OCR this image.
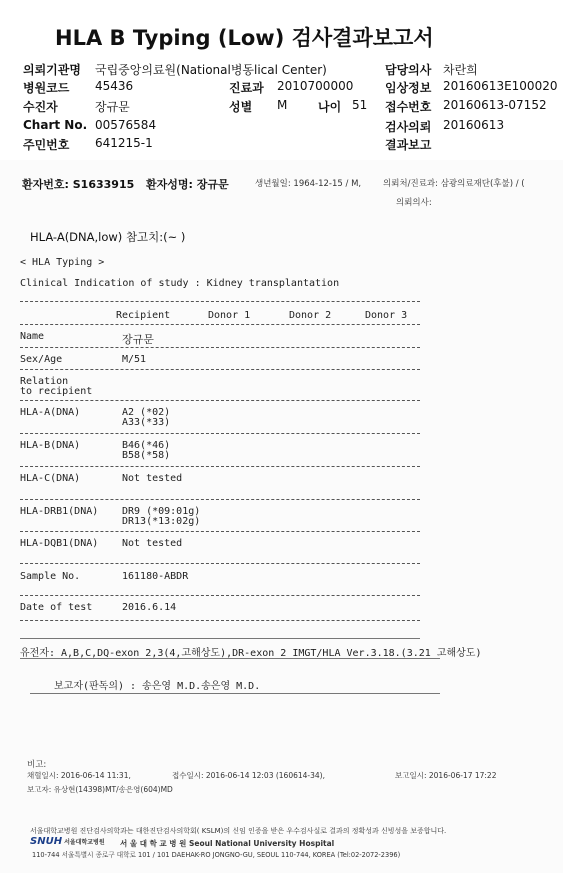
HLA B Typing (Low) 검사결과보고서
의뢰기관명 국립중앙의료원(National병동lical Center)	담당의사 차란희
병원코드 45436	진료과 2010700000	임상정보 20160613E100020
수진자	장규문	성별 M	나이 51 접수번호 20160613-07152
Chart No. 00576584	검사의뢰 20160613
주민번호 641215-1	결과보고
환자번호: S1633915 환자성명: 장규문	생년월일: 1964-12-15 / M,	의뢰처/진료과: 삼광의료재단(후불) / (
의뢰의사:
HLA-A(DNA,low) 참고치:(~ )
< HLA Typing >
Clinical Indication of study : Kidney transplantation
Recipient	Donor 1	Donor 2	Donor 3
Name	장규문
Sex/Age	M/51
Relation
to recipient
HLA-A(DNA)	A2 (*02)
A33(*33)
HLA-B(DNA)	B46(*46)
B58(*58)
HLA-C(DNA)	Not tested
HLA-DRB1(DNA) DR9 (*09:01g)
DR13(*13:02g)
HLA-DQB1(DNA) Not tested
Sample No.	161180-ABDR
Date of test	2016.6.14
유전자: A,B,C,DQ-exon 2,3(4,고해상도),DR-exon 2 IMGT/HLA Ver.3.18.(3.21 고해상도)
보고자(판독의) : 송은영 M.D.송은영 M.D.
비고:
채혈일시: 2016-06-14 11:31,	접수일시: 2016-06-14 12:03 (160614-34),	보고일시: 2016-06-17 17:22
보고자: 유상현(14398)MT/송은영(604)MD
서울대학교병원 진단검사의학과는 대한진단검사의학회( KSLM)의 신임 인증을 받은 우수검사실로 결과의 정확성과 신빙성을 보증합니다.
SNUH 서울대학교병원 서 울 대 학 교 병 원 Seoul National University Hospital
110-744 서울특별시 종로구 대학로 101 / 101 DAEHAK-RO JONGNO-GU, SEOUL 110-744, KOREA (Tel:02-2072-2396)
